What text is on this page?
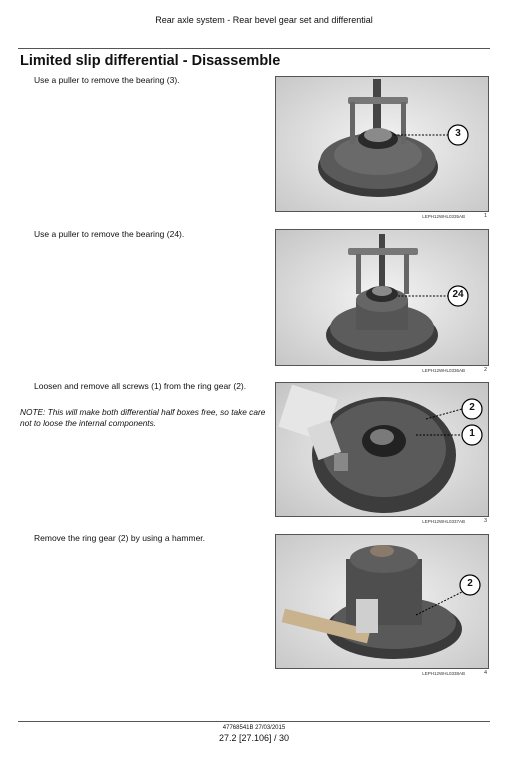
Rear axle system - Rear bevel gear set and differential
Limited slip differential - Disassemble
Use a puller to remove the bearing (3).
3
LEPH12WHL0335AB	1
Use a puller to remove the bearing (24).
24
LEPH12WHL0336AB	2
Loosen and remove all screws (1) from the ring gear (2).
NOTE: This will make both differential half boxes free, so take care not to loose the internal components.
2
1
LEPH12WHL0337AB	3
Remove the ring gear (2) by using a hammer.
2
LEPH12WHL0338AB	4
47768541B 27/03/2015
27.2 [27.106] / 30
